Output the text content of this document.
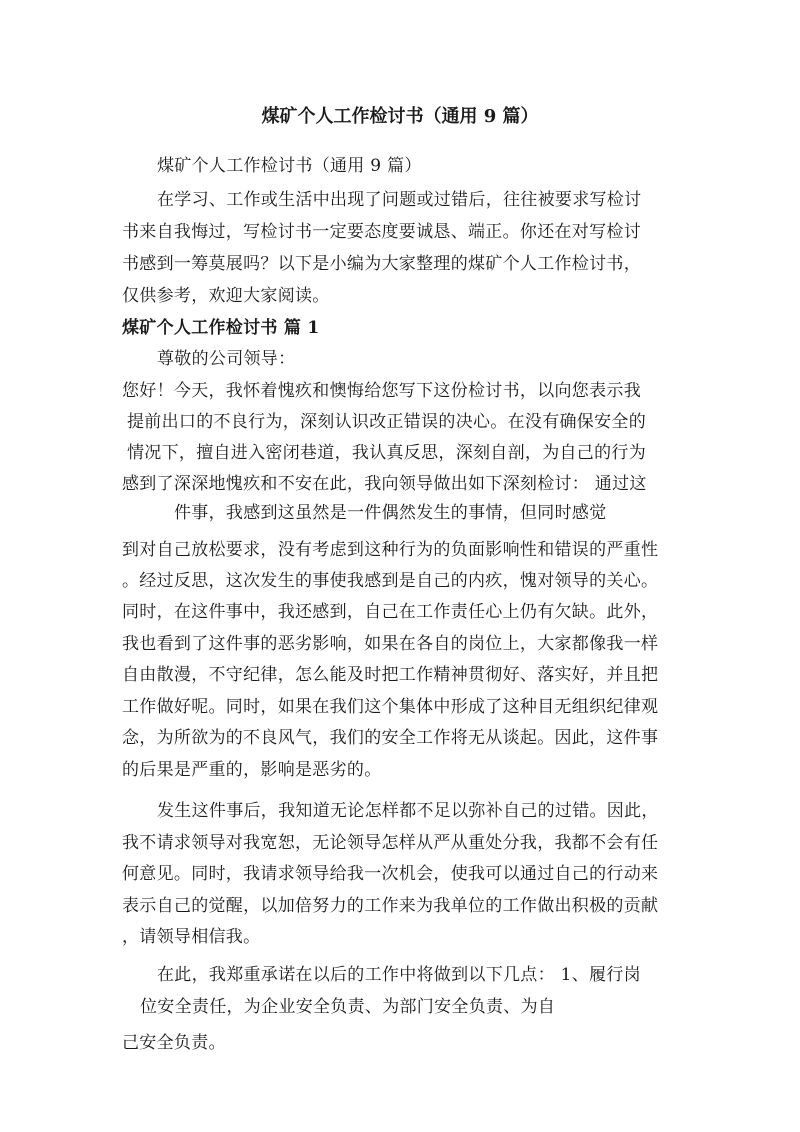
煤矿个人工作检讨书（通用 9 篇）
煤矿个人工作检讨书（通用 9 篇）
在学习、工作或生活中出现了问题或过错后，往往被要求写检讨
书来自我悔过，写检讨书一定要态度要诚恳、端正。你还在对写检讨
书感到一筹莫展吗？以下是小编为大家整理的煤矿个人工作检讨书，
仅供参考，欢迎大家阅读。
煤矿个人工作检讨书 篇 1
尊敬的公司领导：
您好！今天，我怀着愧疚和懊悔给您写下这份检讨书，以向您表示我
提前出口的不良行为，深刻认识改正错误的决心。在没有确保安全的
情况下，擅自进入密闭巷道，我认真反思，深刻自剖，为自己的行为
感到了深深地愧疚和不安在此，我向领导做出如下深刻检讨： 通过这
件事，我感到这虽然是一件偶然发生的事情，但同时感觉
到对自己放松要求，没有考虑到这种行为的负面影响性和错误的严重性
。经过反思，这次发生的事使我感到是自己的内疚，愧对领导的关心。
同时，在这件事中，我还感到，自己在工作责任心上仍有欠缺。此外，
我也看到了这件事的恶劣影响，如果在各自的岗位上，大家都像我一样
自由散漫，不守纪律，怎么能及时把工作精神贯彻好、落实好，并且把
工作做好呢。同时，如果在我们这个集体中形成了这种目无组织纪律观
念，为所欲为的不良风气，我们的安全工作将无从谈起。因此，这件事
的后果是严重的，影响是恶劣的。
发生这件事后，我知道无论怎样都不足以弥补自己的过错。因此，
我不请求领导对我宽恕，无论领导怎样从严从重处分我，我都不会有任
何意见。同时，我请求领导给我一次机会，使我可以通过自己的行动来
表示自己的觉醒，以加倍努力的工作来为我单位的工作做出积极的贡献
，请领导相信我。
在此，我郑重承诺在以后的工作中将做到以下几点： 1、履行岗
位安全责任，为企业安全负责、为部门安全负责、为自
己安全负责。
